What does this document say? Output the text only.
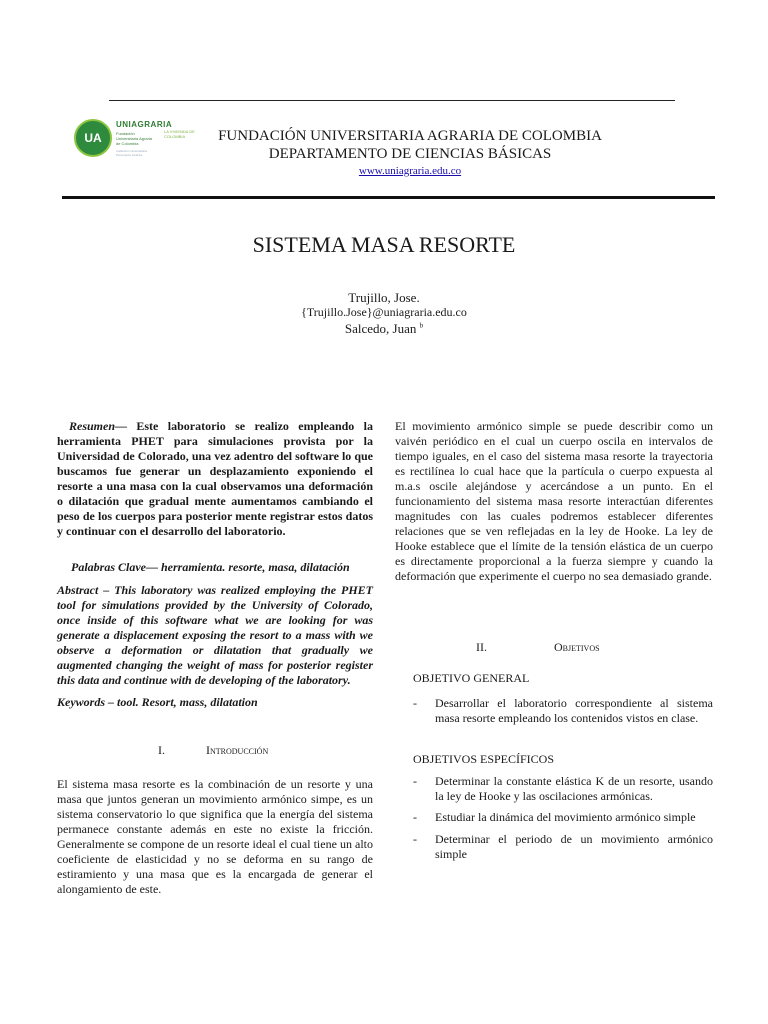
UA
UNIAGRARIA
Fundación Universitaria Agraria de Colombia
LA VIVIENDA DE COLOMBIA
Institución Universitaria Personería Jurídica
FUNDACIÓN UNIVERSITARIA AGRARIA DE COLOMBIA
DEPARTAMENTO DE CIENCIAS BÁSICAS
www.uniagraria.edu.co
SISTEMA MASA RESORTE
Trujillo, Jose.
{Trujillo.Jose}@uniagraria.edu.co
Salcedo, Juan $^b$
Resumen— Este laboratorio se realizo empleando la herramienta PHET para simulaciones provista por la Universidad de Colorado, una vez adentro del software lo que buscamos fue generar un desplazamiento exponiendo el resorte a una masa con la cual observamos una deformación o dilatación que gradual mente aumentamos cambiando el peso de los cuerpos para posterior mente registrar estos datos y continuar con el desarrollo del laboratorio.
Palabras Clave— herramienta. resorte, masa, dilatación
Abstract – This laboratory was realized employing the PHET tool for simulations provided by the University of Colorado, once inside of this software what we are looking for was generate a displacement exposing the resort to a mass with we observe a deformation or dilatation that gradually we augmented changing the weight of mass for posterior register this data and continue with de developing of the laboratory.
Keywords – tool. Resort, mass, dilatation
I.	Introducción
El sistema masa resorte es la combinación de un resorte y una masa que juntos generan un movimiento armónico simpe, es un sistema conservatorio lo que significa que la energía del sistema permanece constante además en este no existe la fricción. Generalmente se compone de un resorte ideal el cual tiene un alto coeficiente de elasticidad y no se deforma en su rango de estiramiento y una masa que es la encargada de generar el alongamiento de este.
El movimiento armónico simple se puede describir como un vaivén periódico en el cual un cuerpo oscila en intervalos de tiempo iguales, en el caso del sistema masa resorte la trayectoria es rectilínea lo cual hace que la partícula o cuerpo expuesta al m.a.s oscile alejándose y acercándose a un punto. En el funcionamiento del sistema masa resorte interactúan diferentes magnitudes con las cuales podremos establecer diferentes relaciones que se ven reflejadas en la ley de Hooke. La ley de Hooke establece que el límite de la tensión elástica de un cuerpo es directamente proporcional a la fuerza siempre y cuando la deformación que experimente el cuerpo no sea demasiado grande.
II.	Objetivos
OBJETIVO GENERAL
- Desarrollar el laboratorio correspondiente al sistema masa resorte empleando los contenidos vistos en clase.
OBJETIVOS ESPECÍFICOS
- Determinar la constante elástica K de un resorte, usando la ley de Hooke y las oscilaciones armónicas.
- Estudiar la dinámica del movimiento armónico simple
- Determinar el periodo de un movimiento armónico simple
